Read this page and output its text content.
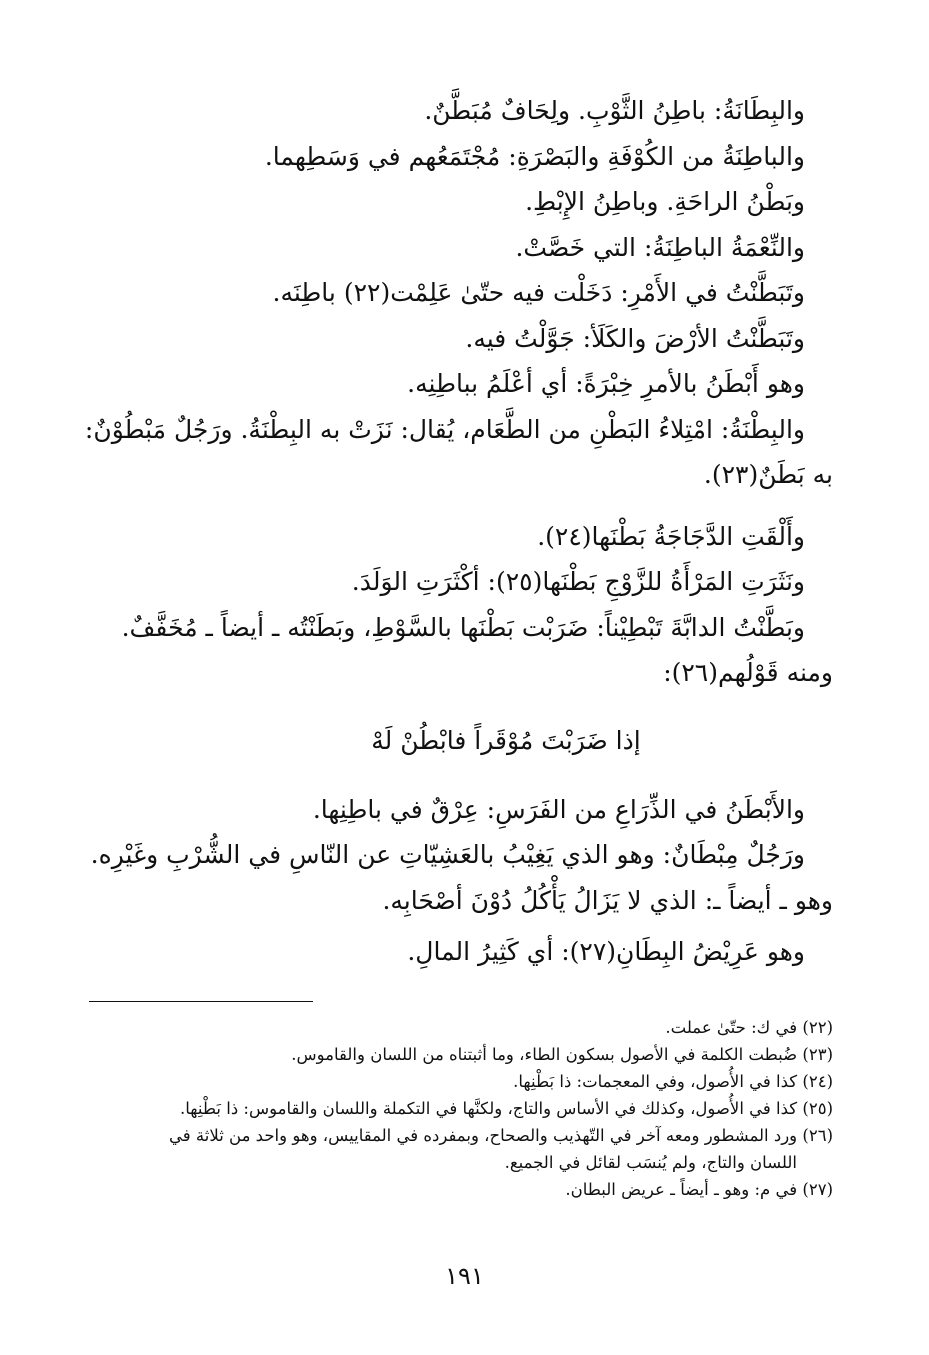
والبِطَانَةُ: باطِنُ الثَّوْبِ. ولِحَافٌ مُبَطَّنٌ.
والباطِنَةُ من الكُوْفَةِ والبَصْرَةِ: مُجْتَمَعُهم في وَسَطِهما.
وبَطْنُ الراحَةِ. وباطِنُ الإِبْطِ.
والنِّعْمَةُ الباطِنَةُ: التي خَصَّتْ.
وتَبَطَّنْتُ في الأَمْرِ: دَخَلْت فيه حتّىٰ عَلِمْت(٢٢) باطِنَه.
وتَبَطَّنْتُ الأرْضَ والكَلَأ: جَوَّلْتُ فيه.
وهو أَبْطَنُ بالأمرِ خِبْرَةً: أي أعْلَمُ بباطِنِه.
والبِطْنَةُ: امْتِلاءُ البَطْنِ من الطَّعَام، يُقال: نَزَتْ به البِطْنَةُ. ورَجُلٌ مَبْطُوْنٌ:
به بَطَنٌ(٢٣).
وأَلْقَتِ الدَّجَاجَةُ بَطْنَها(٢٤).
ونَثَرَتِ المَرْأَةُ للزَّوْجِ بَطْنَها(٢٥): أكْثَرَتِ الوَلَدَ.
وبَطَّنْتُ الدابَّةَ تَبْطِيْناً: ضَرَبْت بَطْنَها بالسَّوْطِ، وبَطَنْتُه ـ أيضاً ـ مُخَفَّفٌ.
ومنه قَوْلُهم(٢٦):
إذا ضَرَبْتَ مُوْقَراً فابْطُنْ لَهْ
والأَبْطَنُ في الذِّرَاعِ من الفَرَسِ: عِرْقٌ في باطِنِها.
ورَجُلٌ مِبْطَانٌ: وهو الذي يَغِيْبُ بالعَشِيّاتِ عن النّاسِ في الشُّرْبِ وغَيْرِه.
وهو ـ أيضاً ـ: الذي لا يَزَالُ يَأْكُلُ دُوْنَ أصْحَابِه.
وهو عَرِيْضُ البِطَانِ(٢٧): أي كَثِيرُ المالِ.
(٢٢) في ك: حتّىٰ عملت.
(٢٣) ضُبطت الكلمة في الأصول بسكون الطاء، وما أثبتناه من اللسان والقاموس.
(٢٤) كذا في الأُصول، وفي المعجمات: ذا بَطْنِها.
(٢٥) كذا في الأُصول، وكذلك في الأساس والتاج، ولكنَّها في التكملة واللسان والقاموس: ذا بَطْنِها.
(٢٦) ورد المشطور ومعه آخر في التّهذيب والصحاح، وبمفرده في المقاييس، وهو واحد من ثلاثة في
اللسان والتاج، ولم يُنسَب لقائل في الجميع.
(٢٧) في م: وهو ـ أيضاً ـ عريض البطان.
١٩١
